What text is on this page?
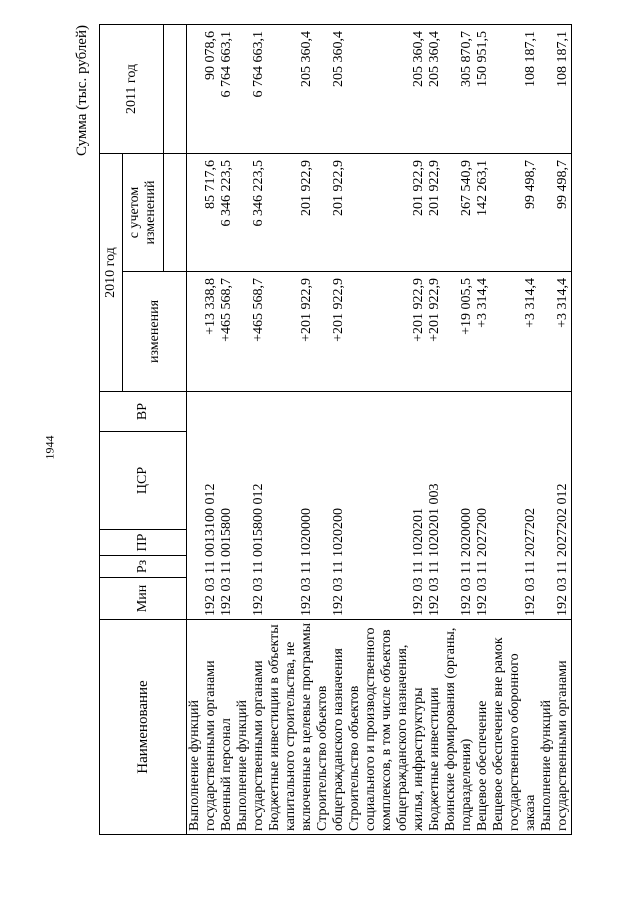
1944
Сумма (тыс. рублей)
Наименование	Мин	Рз	ПР	ЦСР	ВР	2010 год		2011 год
						изменения	с учетом изменений	

Выполнение функций государственными органами	192 03 11 0013100 012					+13 338,8	85 717,6	90 078,6
Военный персонал	192 03 11 0015800					+465 568,7	6 346 223,5	6 764 663,1
Выполнение функций государственными органами	192 03 11 0015800 012					+465 568,7	6 346 223,5	6 764 663,1
Бюджетные инвестиции в объекты капитального строительства, не включенные в целевые программы	192 03 11 1020000					+201 922,9	201 922,9	205 360,4
Строительство объектов общегражданского назначения	192 03 11 1020200					+201 922,9	201 922,9	205 360,4
Строительство объектов социального и производственного комплексов, в том числе объектов общегражданского назначения, жилья, инфраструктуры	192 03 11 1020201					+201 922,9	201 922,9	205 360,4
Бюджетные инвестиции	192 03 11 1020201 003					+201 922,9	201 922,9	205 360,4
Воинские формирования (органы, подразделения)	192 03 11 2020000					+19 005,5	267 540,9	305 870,7
Вещевое обеспечение	192 03 11 2027200					+3 314,4	142 263,1	150 951,5
Вещевое обеспечение вне рамок государственного оборонного заказа	192 03 11 2027202					+3 314,4	99 498,7	108 187,1
Выполнение функций государственными органами	192 03 11 2027202 012					+3 314,4	99 498,7	108 187,1
